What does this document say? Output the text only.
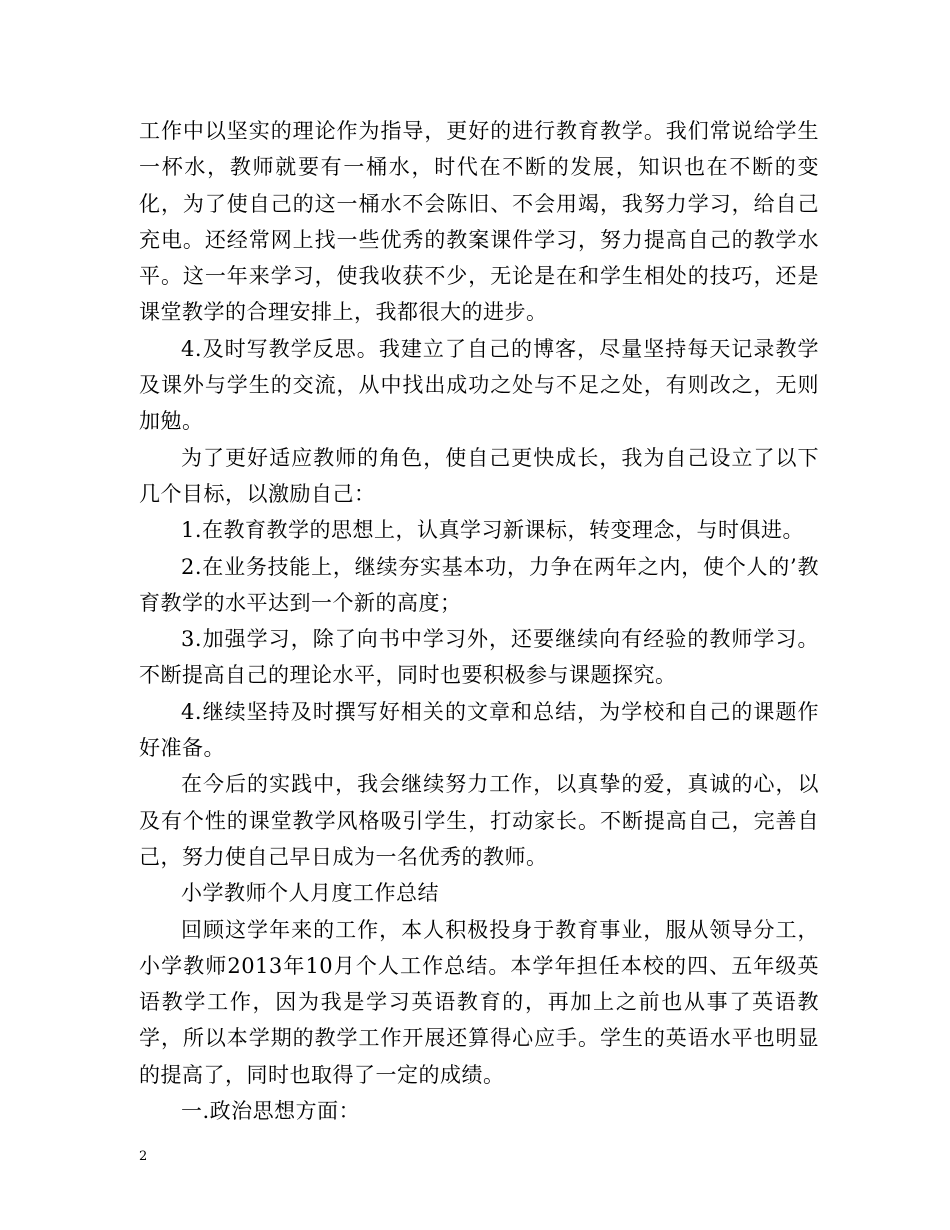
工作中以坚实的理论作为指导，更好的进行教育教学。我们常说给学生一杯水，教师就要有一桶水，时代在不断的发展，知识也在不断的变化，为了使自己的这一桶水不会陈旧、不会用竭，我努力学习，给自己充电。还经常网上找一些优秀的教案课件学习，努力提高自己的教学水平。这一年来学习，使我收获不少，无论是在和学生相处的技巧，还是课堂教学的合理安排上，我都很大的进步。

4.及时写教学反思。我建立了自己的博客，尽量坚持每天记录教学及课外与学生的交流，从中找出成功之处与不足之处，有则改之，无则加勉。

为了更好适应教师的角色，使自己更快成长，我为自己设立了以下几个目标，以激励自己：

1.在教育教学的思想上，认真学习新课标，转变理念，与时俱进。

2.在业务技能上，继续夯实基本功，力争在两年之内，使个人的’教育教学的水平达到一个新的高度；

3.加强学习，除了向书中学习外，还要继续向有经验的教师学习。不断提高自己的理论水平，同时也要积极参与课题探究。

4.继续坚持及时撰写好相关的文章和总结，为学校和自己的课题作好准备。

在今后的实践中，我会继续努力工作，以真挚的爱，真诚的心，以及有个性的课堂教学风格吸引学生，打动家长。不断提高自己，完善自己，努力使自己早日成为一名优秀的教师。

小学教师个人月度工作总结

回顾这学年来的工作，本人积极投身于教育事业，服从领导分工，小学教师2013年10月个人工作总结。本学年担任本校的四、五年级英语教学工作，因为我是学习英语教育的，再加上之前也从事了英语教学，所以本学期的教学工作开展还算得心应手。学生的英语水平也明显的提高了，同时也取得了一定的成绩。

一.政治思想方面：

2
